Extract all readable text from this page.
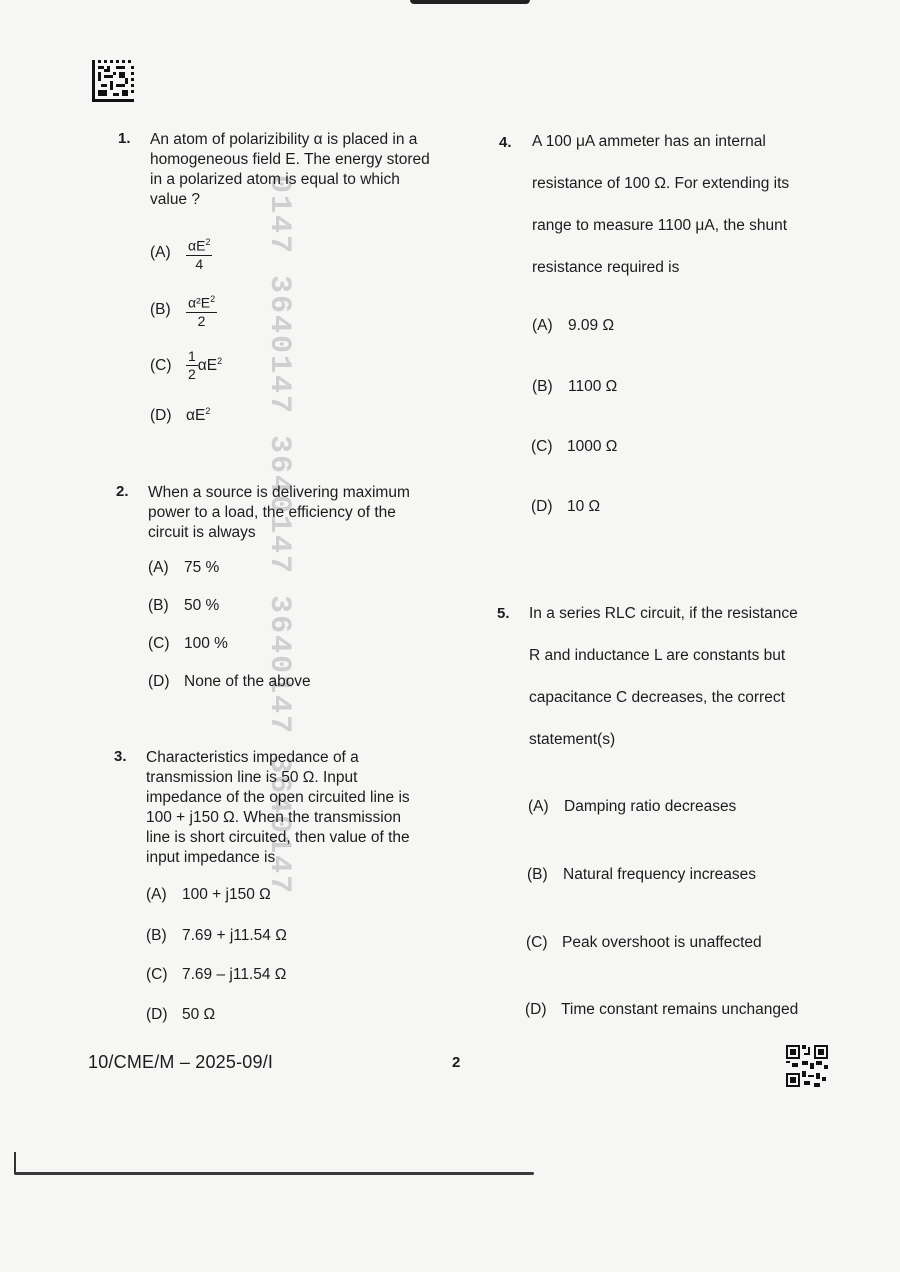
0147 3640147 3640147 3640147 3640147
1. An atom of polarizibility α is placed in a
homogeneous field E. The energy stored
in a polarized atom is equal to which
value ?
(A)	$\frac{\alpha E^2}{4}$
(B)	$\frac{\alpha^2E^2}{2}$
(C)	$\frac{1}{2} \alpha E^2$
(D) $\alpha E^2$
2. When a source is delivering maximum
power to a load, the efficiency of the
circuit is always
(A) 75 %
(B) 50 %
(C) 100 %
(D) None of the above
3. Characteristics impedance of a
transmission line is 50 Ω. Input
impedance of the open circuited line is
100 + j150 Ω. When the transmission
line is short circuited, then value of the
input impedance is
(A) 100 + j150 Ω
(B) 7.69 + j11.54 Ω
(C) 7.69 – j11.54 Ω
(D) 50 Ω
4. A 100 μA ammeter has an internal
resistance of 100 Ω. For extending its
range to measure 1100 μA, the shunt
resistance required is
(A) 9.09 Ω
(B) 1100 Ω
(C) 1000 Ω
(D) 10 Ω
5. In a series RLC circuit, if the resistance
R and inductance L are constants but
capacitance C decreases, the correct
statement(s)
(A) Damping ratio decreases
(B) Natural frequency increases
(C) Peak overshoot is unaffected
(D) Time constant remains unchanged
10/CME/M – 2025-09/I	2
